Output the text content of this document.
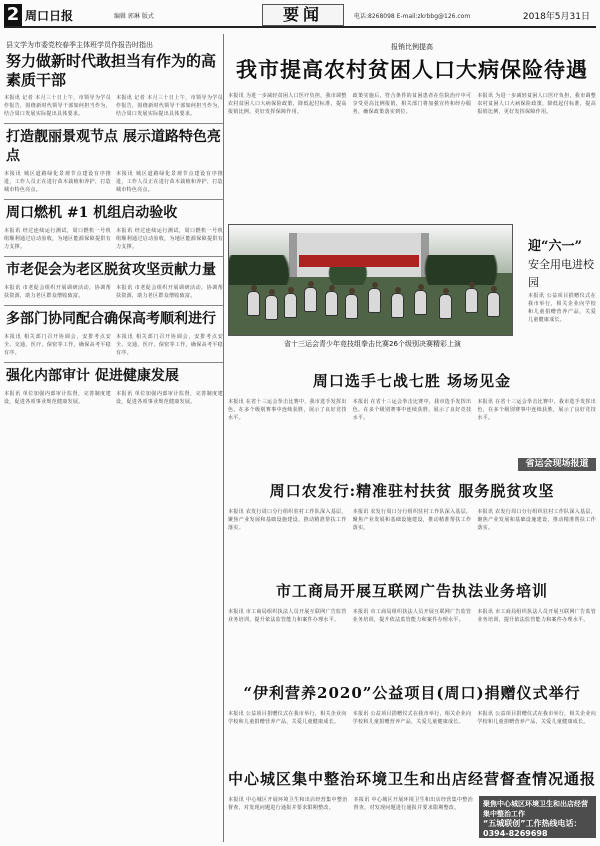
2 周口日报	编辑 郭琳 版式	要闻	电话:8268098 E-mail:zkrbbg@126.com	2018年5月31日
县文学为市委党校春季主体班学员作报告时指出
努力做新时代敢担当有作为的高素质干部
本报讯 记者 本月三十日上午，市领导为学员作报告，围绕新时代领导干部如何担当作为，结合周口发展实际提出具体要求。
本报讯 记者 本月三十日上午，市领导为学员作报告，围绕新时代领导干部如何担当作为，结合周口发展实际提出具体要求。
打造靓丽景观节点 展示道路特色亮点
本报讯 城区道路绿化景观节点建设有序推进，工作人员正在进行苗木栽植和养护，打造城市特色亮点。
本报讯 城区道路绿化景观节点建设有序推进，工作人员正在进行苗木栽植和养护，打造城市特色亮点。
周口燃机 #1 机组启动验收
本报讯 经过连续运行测试，周口燃机一号机组顺利通过启动验收，为地区能源保障提供有力支撑。
本报讯 经过连续运行测试，周口燃机一号机组顺利通过启动验收，为地区能源保障提供有力支撑。
市老促会为老区脱贫攻坚贡献力量
本报讯 市老促会组织开展调研活动，协调帮扶资源，助力老区群众增收致富。
本报讯 市老促会组织开展调研活动，协调帮扶资源，助力老区群众增收致富。
多部门协同配合确保高考顺利进行
本报讯 相关部门召开协调会，安排考点安全、交通、医疗、保密等工作，确保高考平稳有序。
本报讯 相关部门召开协调会，安排考点安全、交通、医疗、保密等工作，确保高考平稳有序。
强化内部审计 促进健康发展
本报讯 单位加强内部审计监督，完善制度建设，促进各项事业规范健康发展。
本报讯 单位加强内部审计监督，完善制度建设，促进各项事业规范健康发展。
报销比例提高
我市提高农村贫困人口大病保险待遇
本报讯 为进一步减轻贫困人口医疗负担，我市调整农村贫困人口大病保险政策，降低起付标准，提高报销比例，更好发挥保障作用。
政策实施后，符合条件的贫困患者在住院治疗中可享受更高比例报销，相关部门将加强宣传和经办服务，确保政策落实到位。
本报讯 为进一步减轻贫困人口医疗负担，我市调整农村贫困人口大病保险政策，降低起付标准，提高报销比例，更好发挥保障作用。
省十三运会青少年竞技组拳击比赛26个级别决赛精彩上演
迎“六一”
安全用电进校园
本报讯 公益项目捐赠仪式在我市举行，相关企业向学校和儿童捐赠营养产品，关爱儿童健康成长。
周口选手七战七胜 场场见金
本报讯 在省十三运会拳击比赛中，我市选手发挥出色，在多个级别赛事中连续获胜，展示了良好竞技水平。
本报讯 在省十三运会拳击比赛中，我市选手发挥出色，在多个级别赛事中连续获胜，展示了良好竞技水平。
本报讯 在省十三运会拳击比赛中，我市选手发挥出色，在多个级别赛事中连续获胜，展示了良好竞技水平。
省运会现场报道
周口农发行:精准驻村扶贫 服务脱贫攻坚
本报讯 农发行周口分行组织驻村工作队深入基层，聚焦产业发展和基础设施建设，推动精准帮扶工作落实。
本报讯 农发行周口分行组织驻村工作队深入基层，聚焦产业发展和基础设施建设，推动精准帮扶工作落实。
本报讯 农发行周口分行组织驻村工作队深入基层，聚焦产业发展和基础设施建设，推动精准帮扶工作落实。
市工商局开展互联网广告执法业务培训
本报讯 市工商局组织执法人员开展互联网广告监管业务培训，提升依法监管能力和案件办理水平。
本报讯 市工商局组织执法人员开展互联网广告监管业务培训，提升依法监管能力和案件办理水平。
本报讯 市工商局组织执法人员开展互联网广告监管业务培训，提升依法监管能力和案件办理水平。
“伊利营养2020”公益项目(周口)捐赠仪式举行
本报讯 公益项目捐赠仪式在我市举行，相关企业向学校和儿童捐赠营养产品，关爱儿童健康成长。
本报讯 公益项目捐赠仪式在我市举行，相关企业向学校和儿童捐赠营养产品，关爱儿童健康成长。
本报讯 公益项目捐赠仪式在我市举行，相关企业向学校和儿童捐赠营养产品，关爱儿童健康成长。
中心城区集中整治环境卫生和出店经营督查情况通报
本报讯 中心城区开展环境卫生和出店经营集中整治督查，对发现问题进行通报并要求限期整改。
本报讯 中心城区开展环境卫生和出店经营集中整治督查，对发现问题进行通报并要求限期整改。	聚焦中心城区环境卫生和出店经营集中整治工作
“五城联创”工作热线电话：0394-8269698
